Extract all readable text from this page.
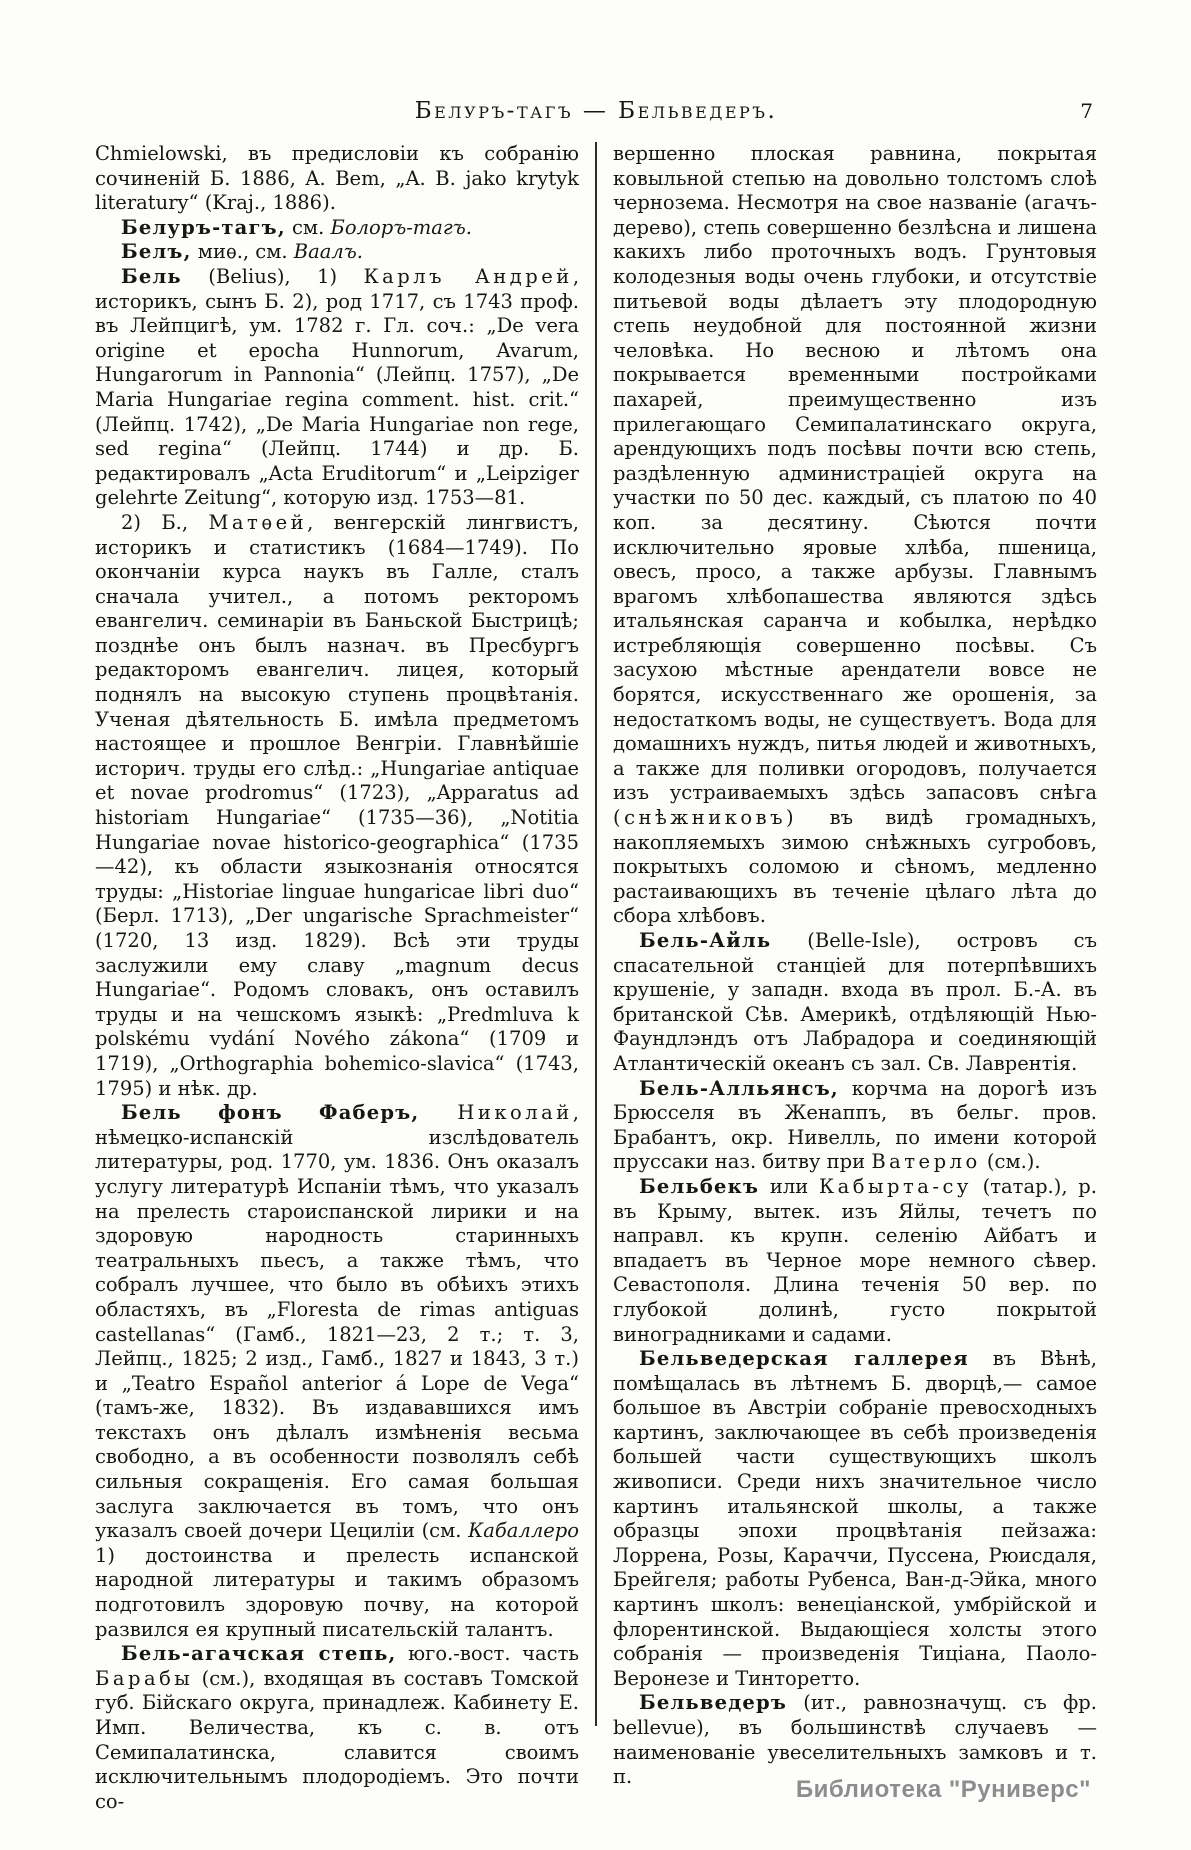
Белуръ-тагъ — Бельведеръ.	7

Chmielowski, въ предисловіи къ собранію сочиненій Б. 1886, A. Bem, „A. B. jako krytyk literatury“ (Kraj., 1886).

Белуръ-тагъ, см. Болоръ-тагъ.

Белъ, миѳ., см. Ваалъ.

Бель (Belius), 1) Карлъ Андрей, историкъ, сынъ Б. 2), род 1717, съ 1743 проф. въ Лейпцигѣ, ум. 1782 г. Гл. соч.: „De vera origine et epocha Hunnorum, Avarum, Hungarorum in Pannonia“ (Лейпц. 1757), „De Maria Hungariae regina comment. hist. crit.“ (Лейпц. 1742), „De Maria Hungariae non rege, sed regina“ (Лейпц. 1744) и др. Б. редактировалъ „Acta Eruditorum“ и „Leipziger gelehrte Zeitung“, которую изд. 1753—81.

2) Б., Матѳей, венгерскій лингвистъ, историкъ и статистикъ (1684—1749). По окончаніи курса наукъ въ Галле, сталъ сначала учител., а потомъ ректоромъ евангелич. семинаріи въ Баньской Быстрицѣ; позднѣе онъ былъ назнач. въ Пресбургъ редакторомъ евангелич. лицея, который поднялъ на высокую ступень процвѣтанія. Ученая дѣятельность Б. имѣла предметомъ настоящее и прошлое Венгріи. Главнѣйшіе историч. труды его слѣд.: „Hungariae antiquae et novae prodromus“ (1723), „Apparatus ad historiam Hungariae“ (1735—36), „Notitia Hungariae novae historico-geographica“ (1735—42), къ области языкознанія относятся труды: „Historiae linguae hungaricae libri duo“ (Берл. 1713), „Der ungarische Sprachmeister“ (1720, 13 изд. 1829). Всѣ эти труды заслужили ему славу „magnum decus Hungariae“. Родомъ словакъ, онъ оставилъ труды и на чешскомъ языкѣ: „Predmluva k polskému vydání Nového zákona“ (1709 и 1719), „Orthographia bohemico-slavica“ (1743, 1795) и нѣк. др.

Бель фонъ Фаберъ, Николай, нѣмецко-испанскій изслѣдователь литературы, род. 1770, ум. 1836. Онъ оказалъ услугу литературѣ Испаніи тѣмъ, что указалъ на прелесть староиспанской лирики и на здоровую народность старинныхъ театральныхъ пьесъ, а также тѣмъ, что собралъ лучшее, что было въ обѣихъ этихъ областяхъ, въ „Floresta de rimas antiguas castellanas“ (Гамб., 1821—23, 2 т.; т. 3, Лейпц., 1825; 2 изд., Гамб., 1827 и 1843, 3 т.) и „Teatro Español anterior á Lope de Vega“ (тамъ-же, 1832). Въ издававшихся имъ текстахъ онъ дѣлалъ измѣненія весьма свободно, а въ особенности позволялъ себѣ сильныя сокращенія. Его самая большая заслуга заключается въ томъ, что онъ указалъ своей дочери Цециліи (см. Кабаллеро 1) достоинства и прелесть испанской народной литературы и такимъ образомъ подготовилъ здоровую почву, на которой развился ея крупный писательскій талантъ.

Бель-агачская степь, юго.-вост. часть Барабы (см.), входящая въ составъ Томской губ. Бійскаго округа, принадлеж. Кабинету Е. Имп. Величества, къ с. в. отъ Семипалатинска, славится своимъ исключительнымъ плодородіемъ. Это почти со-

вершенно плоская равнина, покрытая ковыльной степью на довольно толстомъ слоѣ чернозема. Несмотря на свое названіе (агачъ-дерево), степь совершенно безлѣсна и лишена какихъ либо проточныхъ водъ. Грунтовыя колодезныя воды очень глубоки, и отсутствіе питьевой воды дѣлаетъ эту плодородную степь неудобной для постоянной жизни человѣка. Но весною и лѣтомъ она покрывается временными постройками пахарей, преимущественно изъ прилегающаго Семипалатинскаго округа, арендующихъ подъ посѣвы почти всю степь, раздѣленную администраціей округа на участки по 50 дес. каждый, съ платою по 40 коп. за десятину. Сѣются почти исключительно яровые хлѣба, пшеница, овесъ, просо, а также арбузы. Главнымъ врагомъ хлѣбопашества являются здѣсь итальянская саранча и кобылка, нерѣдко истребляющія совершенно посѣвы. Съ засухою мѣстные арендатели вовсе не борятся, искусственнаго же орошенія, за недостаткомъ воды, не существуетъ. Вода для домашнихъ нуждъ, питья людей и животныхъ, а также для поливки огородовъ, получается изъ устраиваемыхъ здѣсь запасовъ снѣга (снѣжниковъ) въ видѣ громадныхъ, накопляемыхъ зимою снѣжныхъ сугробовъ, покрытыхъ соломою и сѣномъ, медленно растаивающихъ въ теченіе цѣлаго лѣта до сбора хлѣбовъ.

Бель-Айль (Belle-Isle), островъ съ спасательной станціей для потерпѣвшихъ крушеніе, у западн. входа въ прол. Б.-А. въ британской Сѣв. Америкѣ, отдѣляющій Нью-Фаундлэндъ отъ Лабрадора и соединяющій Атлантическій океанъ съ зал. Св. Лаврентія.

Бель-Алльянсъ, корчма на дорогѣ изъ Брюсселя въ Женаппъ, въ бельг. пров. Брабантъ, окр. Нивелль, по имени которой пруссаки наз. битву при Ватерло (см.).

Бельбекъ или Кабырта-су (татар.), р. въ Крыму, вытек. изъ Яйлы, течетъ по направл. къ крупн. селенію Айбатъ и впадаетъ въ Черное море немного сѣвер. Севастополя. Длина теченія 50 вер. по глубокой долинѣ, густо покрытой виноградниками и садами.

Бельведерская галлерея въ Вѣнѣ, помѣщалась въ лѣтнемъ Б. дворцѣ,— самое большое въ Австріи собраніе превосходныхъ картинъ, заключающее въ себѣ произведенія большей части существующихъ школъ живописи. Среди нихъ значительное число картинъ итальянской школы, а также образцы эпохи процвѣтанія пейзажа: Лоррена, Розы, Караччи, Пуссена, Рюисдаля, Брейгеля; работы Рубенса, Ван-д-Эйка, много картинъ школъ: венеціанской, умбрійской и флорентинской. Выдающіеся холсты этого собранія — произведенія Тиціана, Паоло-Веронезе и Тинторетто.

Бельведеръ (ит., равнозначущ. съ фр. bellevue), въ большинствѣ случаевъ — наименованіе увеселительныхъ замковъ и т. п.	Библиотека "Руниверс"
